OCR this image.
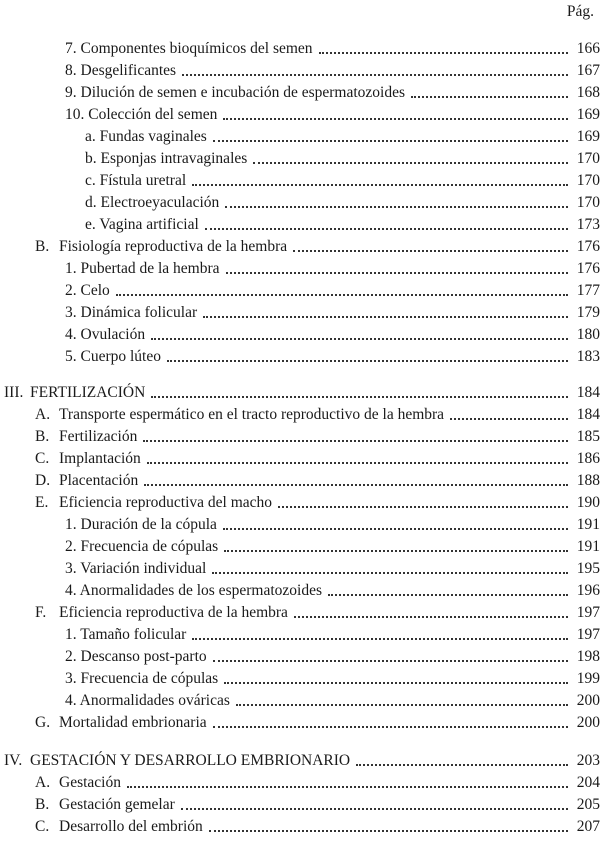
Pág.
7. Componentes bioquímicos del semen	166
8. Desgelificantes	167
9. Dilución de semen e incubación de espermatozoides	168
10. Colección del semen	169
a. Fundas vaginales	169
b. Esponjas intravaginales	170
c. Fístula uretral	170
d. Electroeyaculación	170
e. Vagina artificial	173
B. Fisiología reproductiva de la hembra	176
1. Pubertad de la hembra	176
2. Celo	177
3. Dinámica folicular	179
4. Ovulación	180
5. Cuerpo lúteo	183
III. FERTILIZACIÓN	184
A. Transporte espermático en el tracto reproductivo de la hembra	184
B. Fertilización	185
C. Implantación	186
D. Placentación	188
E. Eficiencia reproductiva del macho	190
1. Duración de la cópula	191
2. Frecuencia de cópulas	191
3. Variación individual	195
4. Anormalidades de los espermatozoides	196
F. Eficiencia reproductiva de la hembra	197
1. Tamaño folicular	197
2. Descanso post-parto	198
3. Frecuencia de cópulas	199
4. Anormalidades ováricas	200
G. Mortalidad embrionaria	200
IV. GESTACIÓN Y DESARROLLO EMBRIONARIO	203
A. Gestación	204
B. Gestación gemelar	205
C. Desarrollo del embrión	207
